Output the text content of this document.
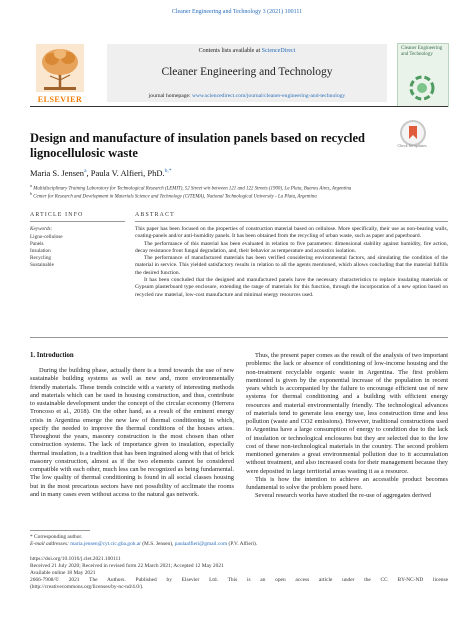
Cleaner Engineering and Technology 3 (2021) 100111
ELSEVIER
Contents lists available at ScienceDirect
Cleaner Engineering and Technology
journal homepage: www.sciencedirect.com/journal/cleaner-engineering-and-technology
Cleaner Engineering and Technology
Design and manufacture of insulation panels based on recycled lignocellulosic waste
Check for updates
Maria S. Jensen$^a$, Paula V. Alfieri, PhD.$^{b,*}$
$^a$ Multidisciplinary Training Laboratory for Technological Research (LEMIT), 52 Street w/n between 121 and 122 Streets (1900), La Plata, Buenos Aires, Argentina
$^b$ Center for Research and Development in Materials Science and Technology (CITEMA), National Technological University - La Plata, Argentina
ARTICLE INFO	ABSTRACT
Keywords:
Ligno-cellulose
Panels
Insulation
Recycling
Sustainable

This paper has been focused on the properties of construction material based on cellulose. More specifically, their use as non-bearing walls, coating-panels and/or anti-humidity panels. It has been obtained from the recycling of urban waste, such as paper and paperboard.

The performance of this material has been evaluated in relation to five parameters: dimensional stability against humidity, fire action, decay resistance front fungal degradation, and, their behavior as temperature and acoustics isolation.

The performance of manufactured materials has been verified considering environmental factors, and simulating the condition of the material in service. This yielded satisfactory results in relation to all the agents mentioned, which allows concluding that the material fulfills the desired function.

It has been concluded that the designed and manufactured panels have the necessary characteristics to replace insulating materials or Gypsum plasterboard type enclosure, extending the range of materials for this function, through the incorporation of a new option based on recycled raw material, low-cost manufacture and minimal energy resources used.

1. Introduction

During the building phase, actually there is a trend towards the use of new sustainable building systems as well as new and, more environmentally friendly materials. These trends coincide with a variety of interesting methods and materials which can be used in housing construction, and thus, contribute to sustainable development under the concept of the circular economy (Herrera Troncoso et al., 2018). On the other hand, as a result of the eminent energy crisis in Argentina emerge the new law of thermal conditioning in which, specify the needed to improve the thermal conditions of the houses arises. Throughout the years, masonry construction is the most chosen than other construction systems. The lack of importance given to insulation, especially thermal insulation, is a tradition that has been ingrained along with that of brick masonry construction, almost as if the two elements cannot be considered compatible with each other, much less can be recognized as being fundamental. The low quality of thermal conditioning is found in all social classes housing but in the most precarious sectors have not possibility of acclimate the rooms and in many cases even without access to the natural gas network.

Thus, the present paper comes as the result of the analysis of two important problems: the lack or absence of conditioning of low-income housing and the non-treatment recyclable organic waste in Argentina. The first problem mentioned is given by the exponential increase of the population in recent years which is accompanied by the failure to encourage efficient use of new systems for thermal conditioning and a building with efficient energy resources and material environmentally friendly. The technological advances of materials tend to generate less energy use, less construction time and less pollution (waste and CO2 emissions). However, traditional constructions used in Argentina have a large consumption of energy to condition due to the lack of insulation or technological enclosures but they are selected due to the low cost of these non-technological materials in the country. The second problem mentioned generates a great environmental pollution due to it accumulation without treatment, and also increased costs for their management because they were deposited in large territorial areas wasting it as a resource.

This is how the intention to achieve an accessible product becomes fundamental to solve the problem posed here.

Several research works have studied the re-use of aggregates derived

* Corresponding author.
E-mail addresses: maria.jensen@cyt.cic.gba.gob.ar (M.S. Jensen), paulaalfieri@gmail.com (P.V. Alfieri).
https://doi.org/10.1016/j.clet.2021.100111
Received 21 July 2020; Received in revised form 22 March 2021; Accepted 12 May 2021
Available online 18 May 2021
2666-7908/© 2021 The Authors. Published by Elsevier Ltd. This is an open access article under the CC BY-NC-ND license
(http://creativecommons.org/licenses/by-nc-nd/4.0/).
